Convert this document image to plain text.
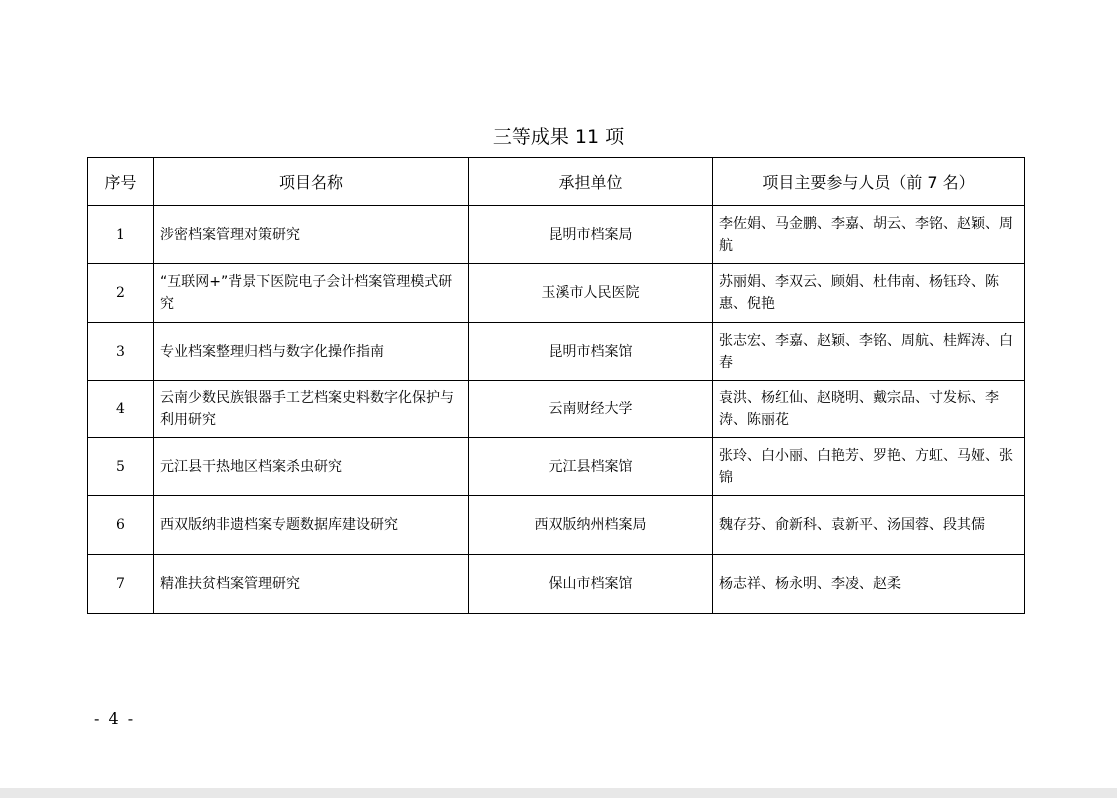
三等成果 11 项
序号	项目名称	承担单位	项目主要参与人员（前 7 名）
1	涉密档案管理对策研究	昆明市档案局	李佐娟、马金鹏、李嘉、胡云、李铭、赵颖、周航
2	“互联网+”背景下医院电子会计档案管理模式研究	玉溪市人民医院	苏丽娟、李双云、顾娟、杜伟南、杨钰玲、陈惠、倪艳
3	专业档案整理归档与数字化操作指南	昆明市档案馆	张志宏、李嘉、赵颖、李铭、周航、桂辉涛、白春
4	云南少数民族银器手工艺档案史料数字化保护与利用研究	云南财经大学	袁洪、杨红仙、赵晓明、戴宗品、寸发标、李涛、陈丽花
5	元江县干热地区档案杀虫研究	元江县档案馆	张玲、白小丽、白艳芳、罗艳、方虹、马娅、张锦
6	西双版纳非遗档案专题数据库建设研究	西双版纳州档案局	魏存芬、俞新科、袁新平、汤国蓉、段其儒
7	精准扶贫档案管理研究	保山市档案馆	杨志祥、杨永明、李凌、赵柔
- 4 -
